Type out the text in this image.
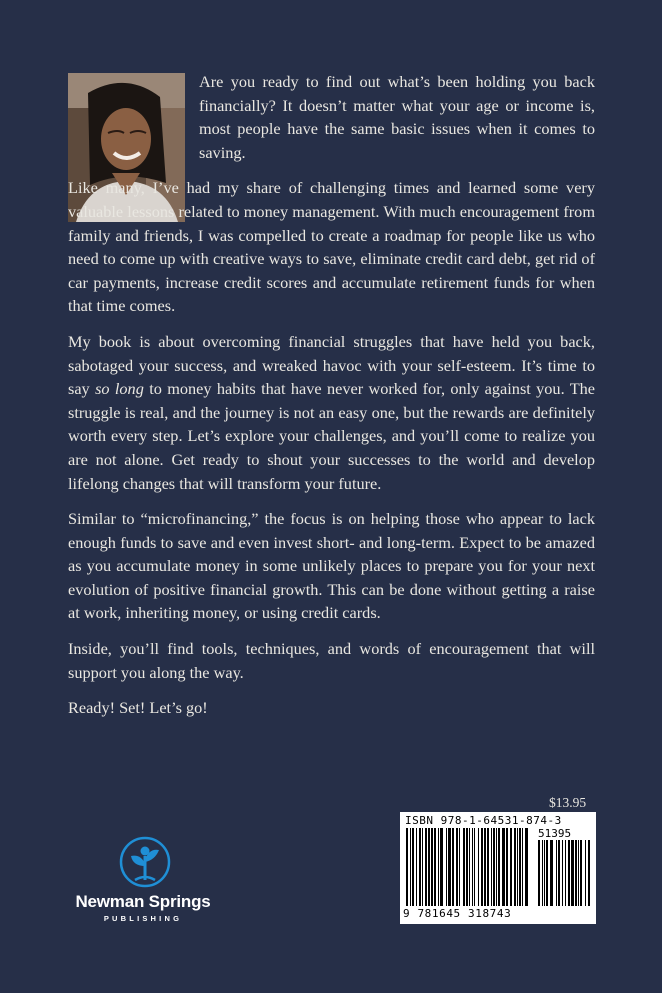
Are you ready to find out what’s been holding you back financially? It doesn’t matter what your age or income is, most people have the same basic issues when it comes to saving.

Like many, I’ve had my share of challenging times and learned some very valuable lessons related to money management. With much encouragement from family and friends, I was compelled to create a roadmap for people like us who need to come up with creative ways to save, eliminate credit card debt, get rid of car payments, increase credit scores and accumulate retirement funds for when that time comes.

My book is about overcoming financial struggles that have held you back, sabotaged your success, and wreaked havoc with your self-esteem. It’s time to say so long to money habits that have never worked for, only against you. The struggle is real, and the journey is not an easy one, but the rewards are definitely worth every step. Let’s explore your challenges, and you’ll come to realize you are not alone. Get ready to shout your successes to the world and develop lifelong changes that will transform your future.

Similar to “microfinancing,” the focus is on helping those who appear to lack enough funds to save and even invest short- and long-term. Expect to be amazed as you accumulate money in some unlikely places to prepare you for your next evolution of positive financial growth. This can be done without getting a raise at work, inheriting money, or using credit cards.

Inside, you’ll find tools, techniques, and words of encouragement that will support you along the way.

Ready! Set! Let’s go!

$13.95
ISBN 978-1-64531-874-3
51395
9 781645 318743
Newman Springs
PUBLISHING
